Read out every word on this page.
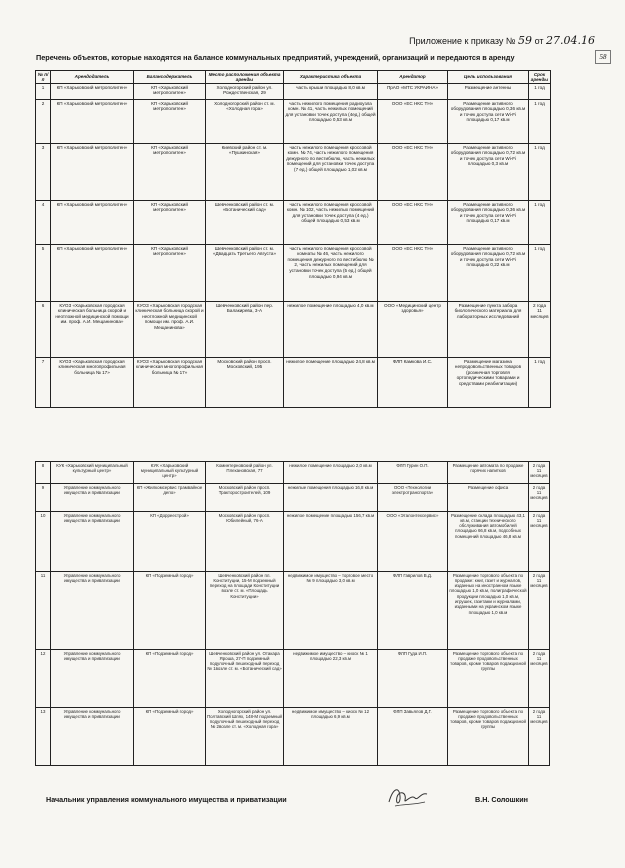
Приложение к приказу № 59 от 27.04.16
Перечень объектов, которые находятся на балансе коммунальных предприятий, учреждений, организаций и передаются в аренду	58
№ п/п	Арендодатель	Балансодержатель	Место расположения объекта аренды	Характеристика объекта	Арендатор	Цель использования	Срок аренды
1	КП «Харьковский метрополитен»	КП «Харьковский метрополитен»	Холодногорский район ул. Рождественская, 29	часть крыши площадью 8,0 кв.м	ПрАО «МТС УКРАИНА»	Размещение антенны	1 год
2	КП «Харьковский метрополитен»	КП «Харьковский метрополитен»	Холодногорский район ст. м. «Холодная гора»	часть нежилого помещения радиоузла комн. № 41, часть нежилых помещений для установки точек доступа (4ед.) общей площадью 0,53 кв.м	ООО «ЕС НКС ТН»	Размещение активного оборудования площадью 0,36 кв.м и точек доступа сети Wi-Fi площадью 0,17 кв.м	1 год
3	КП «Харьковский метрополитен»	КП «Харьковский метрополитен»	Киевский район ст. м. «Пушкинская»	часть нежилого помещения кроссовой комн. № 74, часть нежилого помещения дежурного по вестибюлю, часть нежилых помещений для установки точек доступа (7 ед.) общей площадью 1,02 кв.м	ООО «ЕС НКС ТН»	Размещение активного оборудования площадью 0,72 кв.м и точек доступа сети Wi-Fi площадью 0,3 кв.м	1 год
4	КП «Харьковский метрополитен»	КП «Харьковский метрополитен»	Шевченковский район ст. м. «Ботанический сад»	часть нежилого помещения кроссовой комн. № 102, часть нежилых помещений для установки точек доступа (4 ед.) общей площадью 0,53 кв.м	ООО «ЕС НКС ТН»	Размещение активного оборудования площадью 0,36 кв.м и точек доступа сети Wi-Fi площадью 0,17 кв.м	1 год
5	КП «Харьковский метрополитен»	КП «Харьковский метрополитен»	Шевченковский район ст. м. «Двадцать Третьего Августа»	часть нежилого помещения кроссовой комнаты № 46, часть нежилого помещения дежурного по вестибюлю № 2, часть нежилых помещений для установки точек доступа (5 ед.) общей площадью 0,94 кв.м	ООО «ЕС НКС ТН»	Размещение активного оборудования площадью 0,72 кв.м и точек доступа сети Wi-Fi площадью 0,22 кв.м	1 год
6	КУОЗ «Харьковская городская клиническая больница скорой и неотложной медицинской помощи им. проф. А.И. Мещанинова»	КУОЗ «Харьковская городская клиническая больница скорой и неотложной медицинской помощи им. проф. А.И. Мещанинова»	Шевченковский район пер. Балакирева, 3-А	нежилое помещение площадью 4,0 кв.м	ООО «Медицинский центр здоровья»	Размещение пункта забора биологического материала для лабораторных исследований	2 года 11 месяцев
7	КУОЗ «Харьковская городская клиническая многопрофильная больница № 17»	КУОЗ «Харьковская городская клиническая многопрофильная больница № 17»	Московский район просп. Московский, 195	нежилое помещение площадью 24,8 кв.м	ФЛП Камкова И.С.	Размещение магазина непродовольственных товаров (розничная торговля ортопедическими товарами и средствами реабилитации)	1 год
8	КУК «Харьковский муниципальный культурный центр»	КУК «Харьковский муниципальный культурный центр»	Коминтерновский район ул. Плехановская, 77	нежилое помещение площадью 2,0 кв.м	ФЛП Гурин О.П.	Размещение автомата по продаже горячих напитков	2 года 11 месяцев
9	Управление коммунального имущества и приватизации	КП «Жилкомсервис трамвайное депо»	Московский район просп. Тракторостроителей, 109	нежилые помещения площадью 16,8 кв.м	ООО «Технологии электротранспорта»	Размещение офиса	2 года 11 месяцев
10	Управление коммунального имущества и приватизации	КП «Дорреестрой»	Московский район просп. Юбилейный, 76-А	нежилое помещение площадью 156,7 кв.м	ООО «Эталонтехсервис»	Размещение склада площадью 43,1 кв.м, станции технического обслуживания автомобилей площадью 66,8 кв.м, подсобных помещений площадью 46,8 кв.м	2 года 11 месяцев
11	Управление коммунального имущества и приватизации	КП «Подземный город»	Шевченковский район пл. Конституции, 15-М подземный переход на площади Конституции возле ст. м. «Площадь Конституции»	недвижимое имущество – торговое место № 9 площадью 3,0 кв.м	ФЛП Гаврилов В.Д.	Размещение торгового объекта по продаже: книг, газет и журналов, изданных на иностранном языке площадью 1,0 кв.м, полиграфической продукции площадью 1,0 кв.м, игрушек, газетами и журналами, изданными на украинском языке площадью 1,0 кв.м	2 года 11 месяцев
12	Управление коммунального имущества и приватизации	КП «Подземный город»	Шевченковский район ул. Отакара Яроша, 27-П подземный подулочный пешеходный переход № 1возле ст. м. «Ботанический сад»	недвижимое имущество – киоск № 1 площадью 22,3 кв.м	ФЛП Гуда И.П.	Размещение торгового объекта по продаже продовольственных товаров, кроме товаров подакцизной группы	2 года 11 месяцев
13	Управление коммунального имущества и приватизации	КП «Подземный город»	Холодногорский район ул. Полтавский Шлях, 148-М подземный подулочный пешеходный переход № 2возле ст. м. «Холодная гора»	недвижимое имущество – киоск № 12 площадью 6,9 кв.м	ФЛП Завьялов Д.Г.	Размещение торгового объекта по продаже продовольственных товаров, кроме товаров подакцизной группы	2 года 11 месяцев
Начальник управления коммунального имущества и приватизации	В.Н. Солошкин
